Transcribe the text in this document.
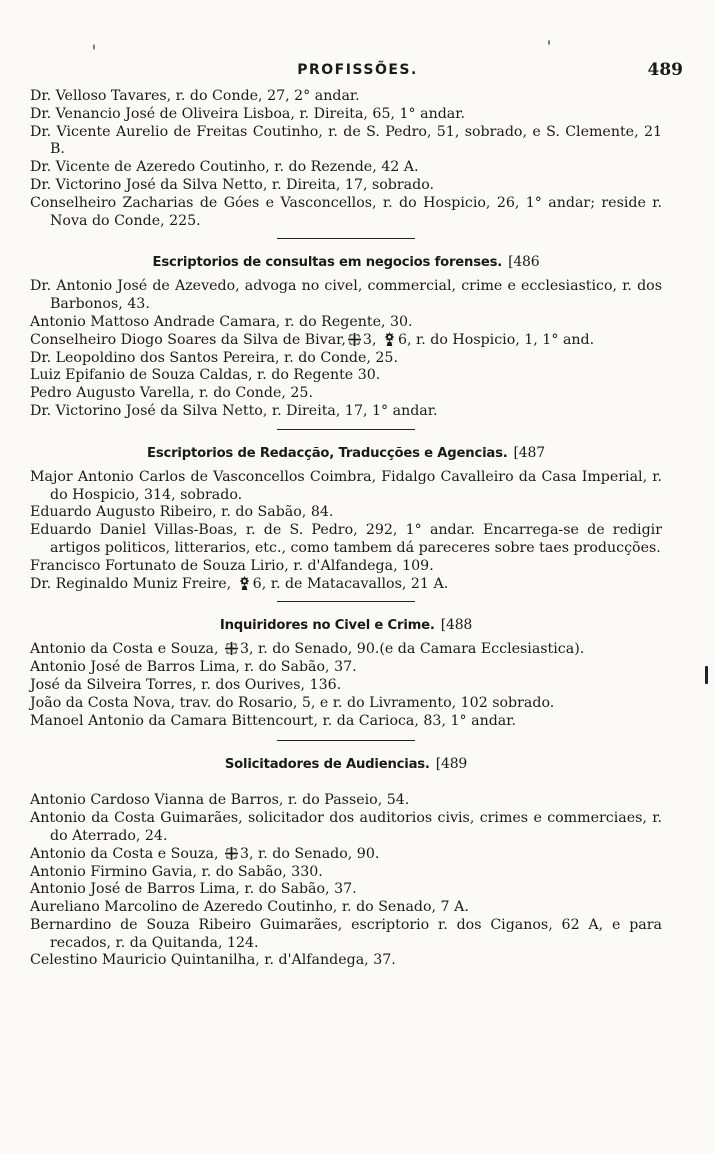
PROFISSÕES.	489

Dr. Velloso Tavares, r. do Conde, 27, 2° andar.

Dr. Venancio José de Oliveira Lisboa, r. Direita, 65, 1° andar.

Dr. Vicente Aurelio de Freitas Coutinho, r. de S. Pedro, 51, sobrado, e S. Clemente, 21 B.

Dr. Vicente de Azeredo Coutinho, r. do Rezende, 42 A.

Dr. Victorino José da Silva Netto, r. Direita, 17, sobrado.

Conselheiro Zacharias de Góes e Vasconcellos, r. do Hospicio, 26, 1° andar; reside r. Nova do Conde, 225.

Escriptorios de consultas em negocios forenses. [486

Dr. Antonio José de Azevedo, advoga no civel, commercial, crime e ecclesiastico, r. dos Barbonos, 43.

Antonio Mattoso Andrade Camara, r. do Regente, 30.

Conselheiro Diogo Soares da Silva de Bivar, 3, 6, r. do Hospicio, 1, 1° and.

Dr. Leopoldino dos Santos Pereira, r. do Conde, 25.

Luiz Epifanio de Souza Caldas, r. do Regente 30.

Pedro Augusto Varella, r. do Conde, 25.

Dr. Victorino José da Silva Netto, r. Direita, 17, 1° andar.

Escriptorios de Redacção, Traducções e Agencias. [487

Major Antonio Carlos de Vasconcellos Coimbra, Fidalgo Cavalleiro da Casa Imperial, r. do Hospicio, 314, sobrado.

Eduardo Augusto Ribeiro, r. do Sabão, 84.

Eduardo Daniel Villas-Boas, r. de S. Pedro, 292, 1° andar. Encarrega-se de redigir artigos politicos, litterarios, etc., como tambem dá pareceres sobre taes producções.

Francisco Fortunato de Souza Lirio, r. d'Alfandega, 109.

Dr. Reginaldo Muniz Freire, 6, r. de Matacavallos, 21 A.

Inquiridores no Civel e Crime. [488

Antonio da Costa e Souza, 3, r. do Senado, 90.(e da Camara Ecclesiastica).

Antonio José de Barros Lima, r. do Sabão, 37.

José da Silveira Torres, r. dos Ourives, 136.

João da Costa Nova, trav. do Rosario, 5, e r. do Livramento, 102 sobrado.

Manoel Antonio da Camara Bittencourt, r. da Carioca, 83, 1° andar.

Solicitadores de Audiencias. [489

Antonio Cardoso Vianna de Barros, r. do Passeio, 54.

Antonio da Costa Guimarães, solicitador dos auditorios civis, crimes e commerciaes, r. do Aterrado, 24.

Antonio da Costa e Souza, 3, r. do Senado, 90.

Antonio Firmino Gavia, r. do Sabão, 330.

Antonio José de Barros Lima, r. do Sabão, 37.

Aureliano Marcolino de Azeredo Coutinho, r. do Senado, 7 A.

Bernardino de Souza Ribeiro Guimarães, escriptorio r. dos Ciganos, 62 A, e para recados, r. da Quitanda, 124.

Celestino Mauricio Quintanilha, r. d'Alfandega, 37.
